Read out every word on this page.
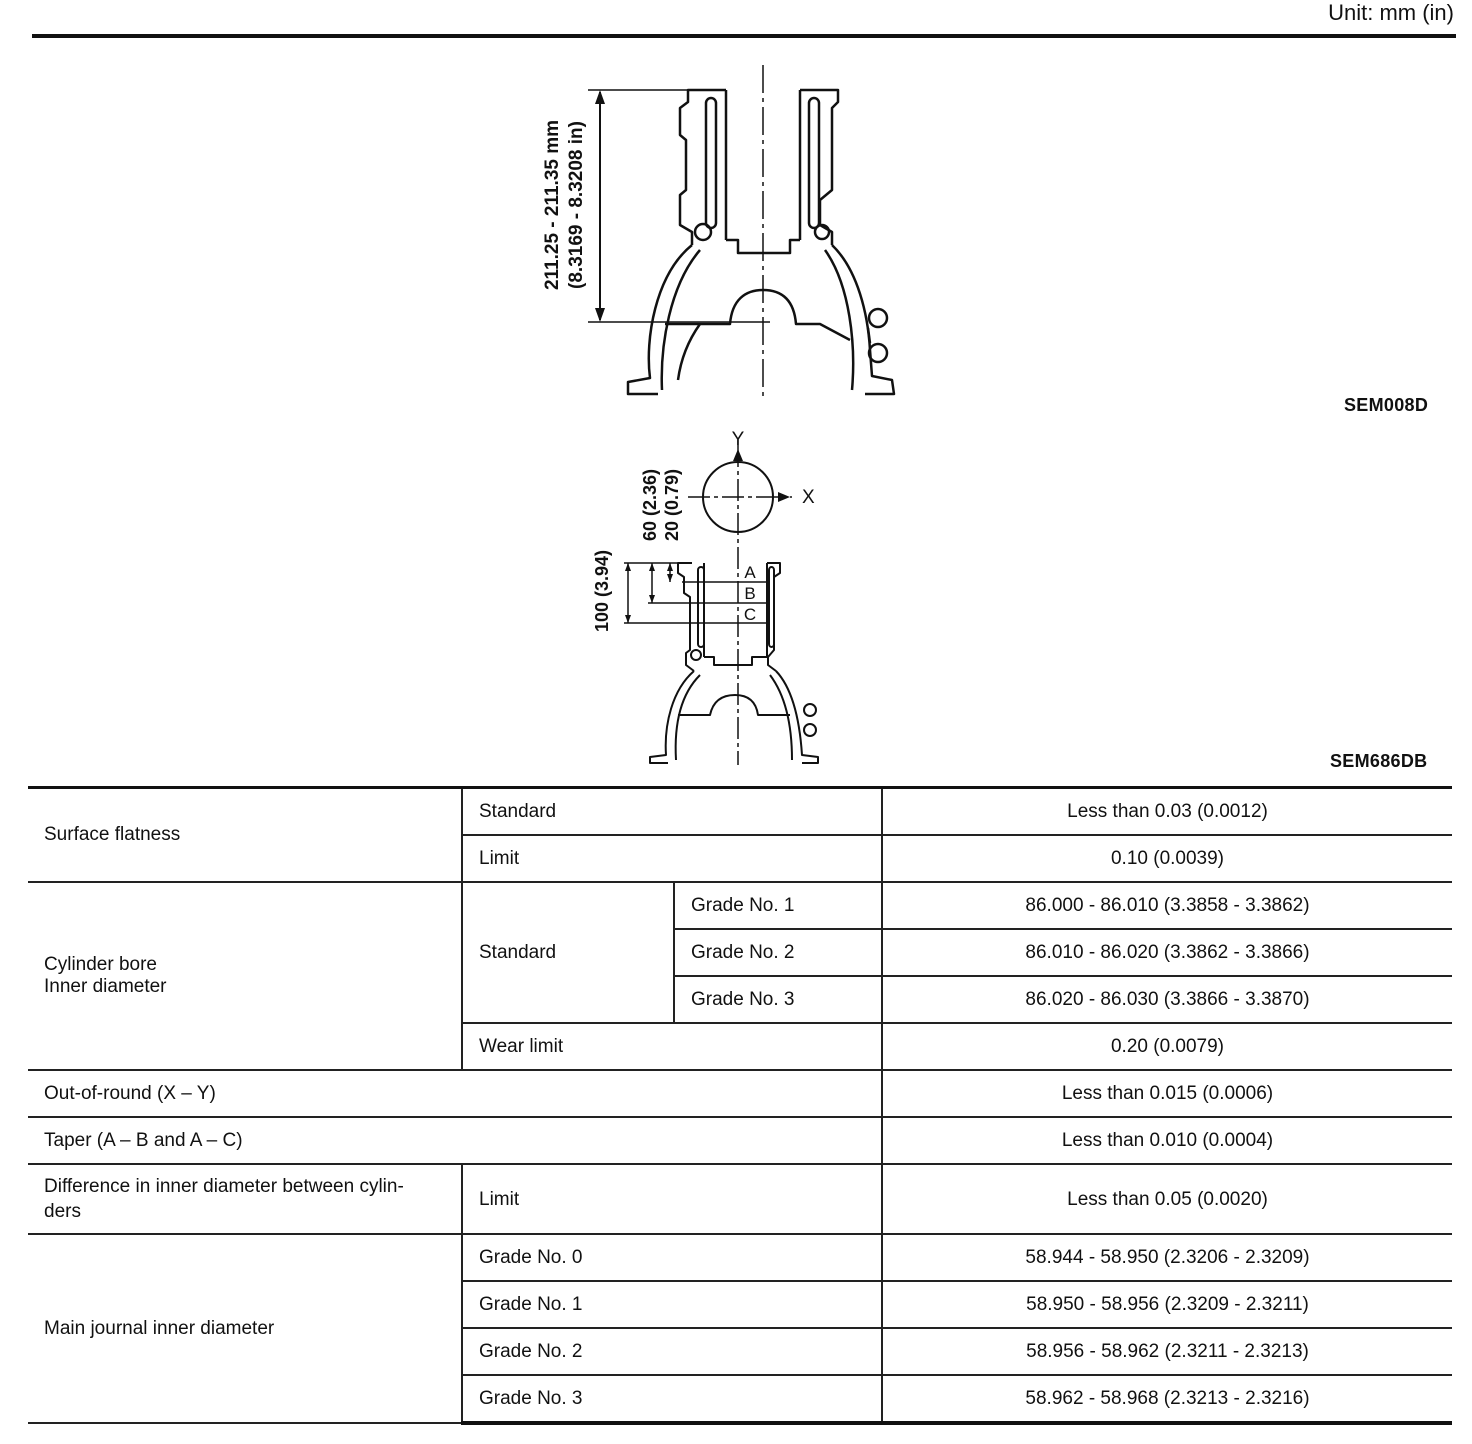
Unit: mm (in)
211.25 - 211.35 mm (8.3169 - 8.3208 in)
SEM008D
Y
X
A
B
C
100 (3.94)
60 (2.36) 20 (0.79)
SEM686DB
Surface flatness	Standard		Less than 0.03 (0.0012)
	Limit		0.10 (0.0039)

Cylinder bore
Inner diameter	Standard	Grade No. 1	86.000 - 86.010 (3.3858 - 3.3862)
		Grade No. 2	86.010 - 86.020 (3.3862 - 3.3866)
		Grade No. 3	86.020 - 86.030 (3.3866 - 3.3870)
	Wear limit		0.20 (0.0079)
Out-of-round (X – Y)			Less than 0.015 (0.0006)
Taper (A – B and A – C)			Less than 0.010 (0.0004)

Difference in inner diameter between cylin-
ders	Limit		Less than 0.05 (0.0020)
Main journal inner diameter	Grade No. 0		58.944 - 58.950 (2.3206 - 2.3209)
	Grade No. 1		58.950 - 58.956 (2.3209 - 2.3211)
	Grade No. 2		58.956 - 58.962 (2.3211 - 2.3213)
	Grade No. 3		58.962 - 58.968 (2.3213 - 2.3216)
